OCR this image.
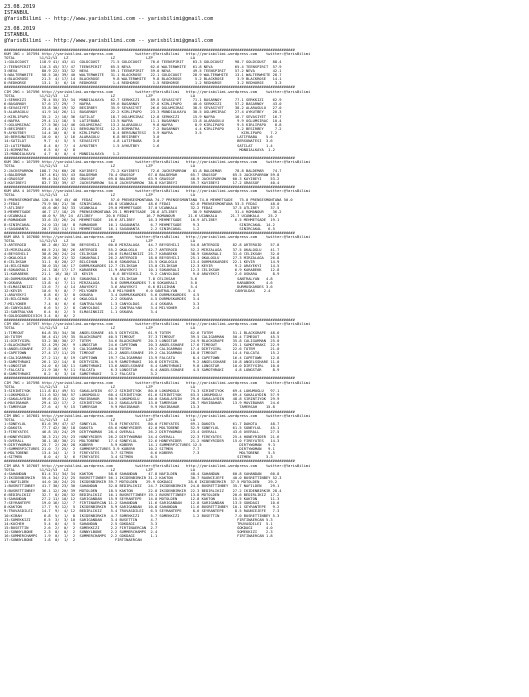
23.08.2019
ISTANBUL
@YarisBilimi -- http://www.yarisbilimi.com -- yarisbilimi@gmail.com
23.08.2019
ISTANBUL
@YarisBilimi -- http://www.yarisbilimi.com -- yarisbilimi@gmail.com
###################################################################################################################################
KUM 1NG = 167594 http://yarisbilimi.wordpress.com          twitter:@YarisBilimi   http://yarisbilimi.wordpress.com    twitter:@YarisBilimi
TOTAL           %1/%2/%3   LZ                   LZ              LZP                 LA
1:GOLDCOUST     118.9 41/ 43/ 41  GOLDCOUST     71.5 GOLDCOUST    70.6 TEENSPIRIT    63.3 GOLDCOUST     98.7 GOLDCOUST   88.4
2:TEENSPIRIT    110.3 45/ 37/ 47  TEENSPIRIT    65.5 NEVA         62.6 WALTERWHITE   61.8 NEVA          65.4 TEENSPIRIT  57.9
3:NEVA           80.9 22/ 33/ 32  NEVA          59.1 TEENSPIRIT   59.0 NEVA          49.5 TEENSPIRIT    57.2 NEVA        42.1
5:WALTERWHITE    58.5 10/ 39/ 40  WALTERWHITE   31.1 BLACKROSE    22.1 GOLDCOUST     28.9 WALTERWHITE   13.1 WALTERWHITE 28.7
4:BLACKROSE      21.3  4/ 17/ 14  BLACKROSE      9.8 WALTERWHITE   9.8 BLACKROSE      5.2 BLACKROSE      3.9 BLACKROSE   14.1
6:REDHORSE       13.1  3/  6/ 10  REDHORSE       1.4 REDHORSE      1.5 REDHORSE       1.2 REDHORSE       3.2 REDHORSE     3.3
###################################################################################################################################
CIM 2NG = 167596 http://yarisbilimi.wordpress.com          twitter:@YarisBilimi   http://yarisbilimi.wordpress.com    twitter:@YarisBilimi
TOTAL           %1/%2/%3   LZ                   LZ              LZP                 LA
1:SERKKIZI       78.4 55/ 33/ 34  MONDIALKAYA   62.7 SERKKIZI     89.5 SEVASIYET     71.1 BASARNOY      77.1 SERKKIZI    62.9
6:BASARNOY       57.6 17/ 29/  7  NAFRA         59.6 BASARNOY     37.8 KIRLIPAPO     40.6 SERKKIZI      57.2 BASARNOY    43.0
8:SEVASIYET      53.8 30/ 19/ 32  BESIRBEY      35.9 SEVASIYET    26.6 OGLUMSIRAC    38.5 SEVASIYET     38.2 ALARAGULU   27.0
5:ALARAGULU      41.9 14/ 26/ 11  BASARNOY      22.2 KIRLIPAPO    23.3 MONDIALKAYA   30.5 OGLUMSIRAC    27.4 AYKUTBEY    20.3
2:KIRLIPAPO      35.2  2/ 18/ 36  SATILAT       18.7 OGLUMSIRAC   12.8 SERKKIZI      15.9 NAFRA         16.7 SEVASIYET   16.7
4:NAFRA          29.4 11/ 18/  5  LATIFBABA     13.5 NAFRA        11.1 BASARNOY      13.8 ALARAGULU      9.9 OGLUMSIRAC  10.4
7:OGLUMSIRAC     27.5 36/ 14/ 46  OGLUMSIRAC    13.2 ALARAGULU     9.8 NAFRA          8.9 KIRLIPAPO      9.5 KIRLIPAPO    8.8
3:BESIRBEY       23.4  0/ 23/ 11  BERSUNATESI   12.3 BIRMATRA      7.2 BASARNOY       4.4 KIRLIPAPO      3.2 BESIRBEY     7.2
9:AYKUTBEY       14.4 10/  0/  0  KIRLIPAPO      8.4 BERSUNATESI   5.9 NAFRA          3.5                  KIRLIPAPO    7.2
10:BERSUNATESI   10.0  0/  1/ 16  ALARAGULU      6.8 BESIRBEY      3.0                                   LATIFBABA    5.6
14:SATILAT        9.7  4/  5/  5  SEVASIYET      4.8 LATIFBABA     3.0                                   BERSUNATESI  3.6
12:LATIFBABA      8.4  0/  7/  4  AYKUTBEY       1.5 AYKUTBEY      1.6                                   SATILAT      1.4
11:BIRMATRA       6.5  0/  4/  8                                                                          MONDIALKAYA  1.2
13:MONDIALKAYA    4.7  0/  0/  4  MONDIALKAYA    1.2
###################################################################################################################################
KUM 3NG = 167599 http://yarisbilimi.wordpress.com          twitter:@YarisBilimi   http://yarisbilimi.wordpress.com    twitter:@YarisBilimi
TOTAL           %1/%2/%3   LZ                   LZ              LZP                 LA
2:JACKSPARROW   108.7 74/ 60/ 28  KAYIBEYI      71.2 KAYIBEYI     72.6 JACKSPARROW   81.8 BALDEMAR      78.8 BALDEMAR    74.7
1:BALDEMAR      107.4 61/ 55/ 43  BALDEMAR     70.4 GRASSOF      67.8 BALDEMAR      65.7 GRASSOF       65.5 JACKSPARROW 59.8
4:GRASSOF        99.4 34/ 52/ 65  GRASSOF      69.8 BALDEMAR     63.9 GRASSOF       48.9 JACKSPARROW   60.3 KAYIBEYI    53.2
3:KAYIBEYI       83.7 33/ 39/ 47  JACKSPARROW  54.0 JACKSPARROW  38.8 KAYIBEYI      39.7 KAYIBEYI      17.2 GRASSOF     40.4
###################################################################################################################################
KUM ARA 4 167599 http://yarisbilimi.wordpress.com          twitter:@YarisBilimi   http://yarisbilimi.wordpress.com    twitter:@YarisBilimi
TOTAL           %1/%2/%3   LZ                   LZ              LZP                 LA
5:PRENSESMONTANA 120.4 56/ 45/ 46  FEDAI        57.0 PRENSESMONTANA 74.7 PRENSESMONTANA 74.0 MEHMETSADE   75.0 PRENSESMONTANA 50.0
2:FEDAI          75.9 50/ 21/ 30  SINIRCAKAL   46.8 UCANKALA     48.6 FEDAI         62.6 PRENSESMONTANA 53.5 FEDAI      48.0
7:ATLIBEY        45.6 46/ 34/ 33  UCANKALA     29.0 MEHMETSADE   37.0 UCANKALA      32.2 FEDAI         37.5 ATLIBEY     37.5
3:MEHMETSADE     46.7 17/ 18/ 25  PRENSESMONTANA 25.1 MEHMETSADE  28.6 ATLIBEY       30.9 ROMANOUR      31.4 ROMANOUR    36.2
4:UCANKALA       40.0 9/ 39/ 24  ATLIBEY      20.0 FEDAI        16.7 ROMANOUR      21.6 UCANKALA      21.7 UCANKALA    25.2
6:ROMANOUR       33.6 13/ 26/ 24  MEHMETSADE   16.6 ATLIBEY      16.3 MEHMETSADE    10.9 ATLIBEY        6.5 MEHMETSADE  19.1
8:SINIRCAKAL     24.0 13/ 10/  8  ROMANOUR     16.1 SAGANANTA     6.7 MEHMETSADE     9.3                  SINIRCAKAL  14.2
1:SAGANANTA      20.7 15/ 11/ 11  MEHMETSADE   16.1 SAGANANTA     2.2 SINIRCAKAL     1.2                  SINIRCAKAL   6.5
###################################################################################################################################
KUM ARA 5 167600 http://yarisbilimi.wordpress.com          twitter:@YarisBilimi   http://yarisbilimi.wordpress.com    twitter:@YarisBilimi
TOTAL           %1/%2/%3   LZ                   LZ              LZP                 LA
3:ARTEROID       86.2 46/ 32/ 30  BEYSEHILI    60.8 MIRZALAGA    44.7 BEYSEHILI     54.8 ARTEROID      82.8 ARTEROID    57.8
13:MIRZALAGA     60.5 21/ 38/ 26  ARTEROID     55.2 OKALOGLU     42.7 ARTEROID      52.2 MIRZALAGA     37.5 OKALOGLU    41.7
4:BEYSEHILI      38.8 20/ 24/ 24  CELIKSAH     26.6 ELMASINKIZI  25.7 KARABEKK      38.9 SOKAKRALI     31.6 CELIKSAH    32.0
2:OKALOGLU       28.6 26/ 21/ 32  SOKAKRALI    26.2 ARTEROID     18.0 BEYSEHILI     25.1 OKALOGLU      27.3 MIRZALAGA   26.8
6:CELIKSAH       31.1  8/ 20/ 27  BILGIHAN     16.6 SOKAKRALI    15.5 OKALOGLU      13.4 DURMUSKARDES  22.1 KEVIR       14.9
14:BILGIHAN      30.0 15/ 16/ 17  DURMUSKARDES 12.7 CELIKSAH     13.0 CELIKSAH      12.3 KEVIR          9.2 ARAYEKYI    14.5
8:SOKAKRALI      24.1 18/ 17/ 17  KARABEKK     11.9 ARAYEKYI     10.1 SOKAKRALI     12.3 CELIKSAH       6.9 KARABEKK    12.8
11:KARABEKK      21.1  16/ 10/ 13  KEVIR         6.6 BEYSEHILI    9.2 CANYOLDAS      9.0 ARAYEKYI       2.6 OSKARA       8.9
10:DURMUSKARDES  16.3  8/  6/ 15  SOKAKRALI     5.8 CELIKSAH     7.8 CELIKSAH       5.6                  SANTRALYAN   4.8
9:OSKARA         13.8  4/  7/ 11  MIRZALAGA     5.6 DURMUSKARDES 7.0 SOKAKRALI      5.0                  KARABEKK     4.6
5:ELMASINKIZI    13.6  7/  4/ 14  ARAYEKYI      3.6 ARAYEKYI     6.6 BILGIHAN       5.4                  DURMUSKARDES 3.6
12:KEVIR         10.6  9/  0/  7  MILYONER     3.6 MILYONER     6.0 SANTRALYAN     5.4                  CANYOLDAS    2.4
1:ARAYEKYI        8.8  6/  3/  8  OSKARA        3.4 DURMUSKARDES  5.6 DURMUSKARDES   4.5
15:BILGIHAN       7.5  0/  4/  4  OKALOGLU      2.2 OSKARA        4.5 DURMUSKARDES   3.4
7:MILYONER        7.4  0/  6/  6  SANTRALYAN    1.3 CANYOLDAS     4.4 OSKARA         3.3
16:CANYOLDAS      6.6  5/  2/  8  CANYOLDAS     1.2 SANTRALYAN    3.4 MILYONER       2.4
12:SANTRALYAN     6.4  0/  2/  5  ELMASINKIZI   1.1 OSKARA        3.4
9:GOLDGOOREDIVICH 3.4  0/  0/  2
###################################################################################################################################
CIM 6NG = 167597 http://yarisbilimi.wordpress.com          twitter:@YarisBilimi   http://yarisbilimi.wordpress.com    twitter:@YarisBilimi
TOTAL           %1/%2/%3   LZ                   LZ              LZP                 LA
1:TIMEOUT        64.8 35/ 34/ 30  ANGELSSHARE  45.5 DIRTYGIRL    61.9 TOTEM         62.6 TOTEM         51.1 BLACKGRAPE  48.6
10:TOTEM         56.4 41/ 19/ 35  BLACKGRAPE   40.5 TIMEOUT      37.3 TIMEOUT       39.5 CALIGARMAN    50.4 TIMEOUT     45.5
11:DIRTYGIRL     53.2 30/ 30/ 27  TOTEM        34.6 BLACKGRAPE   20.3 LONGSTAR      24.9 BLACKGRAPE    35.8 CALIGARMAN  25.0
2:BLACKGRAPE     52.4 29/ 26/  9  LONGSTAR     24.6 CAPETOWN     20.3 ANGELSSHARE   17.6 TIMEOUT       25.1 SAMOTHRAKI  22.9
5:ANGELSSHARE    27.5 16/ 19/  3  CALIGARMAN   24.0 TOTEM        19.2 CALIGARMAN    17.4 DIRTYGIRL     22.6 TOTEM       21.0
4:CAPETOWN       27.4 17/ 11/ 25  TIMEOUT      21.2 ANGELSSHARE  19.2 CALIGARMAN    18.0 TIMEOUT       14.4 FALCATA     15.2
6:CALIGARMAN     27.2 11/  8/ 19  CAPETOWN     19.7 CALIGARMAN   13.9 FALCATA        8.4 CAPETOWN      16.4 CAPETOWN    12.8
3:SAMOTHRAKI     26.1 12/ 14/  8  DIRTYGIRL    14.9 SAMOTHRAKI   10.8 DIRTYGIRL      9.2 ANGELSSHARE   10.8 ANGELSSHARE 11.0
9:LONGSTAR       24.0  6/ 18/ 11  SAMOTHRAKI   13.6 ANGELSSHARE   6.4 SAMOTHRAKI     9.8 LONGSTAR      10.0 DIRTYGIRL   10.0
7:FALCATA        21.9 10/  9/ 11  FALCATA       6.3 LONGSTAR      6.4 ANGELSSHARE    4.5 SAMOTHRAKI     4.8 LONGSTAR     8.9
8:SAMOTHRAKI      8.2  0/  3/ 10  SAMOTHRAKI    3.2 FALCATA       3.2
###################################################################################################################################
CIM 7NG = 167598 http://yarisbilimi.wordpress.com          twitter:@YarisBilimi   http://yarisbilimi.wordpress.com    twitter:@YarisBilimi
TOTAL           %1/%2/%3   LZ                   LZ              LZP                 LA
3:SIRINTIYOK    111.8 81/ 49/ 51  SAKALAYDIN   67.2 SIRINTIYOK   80.0 LOKUMOGLU     74.3 SIRINTIYOK    69.4 LOKUMOGLU   97.1
1:LOKUMOGLU     111.6 52/ 50/ 57  LOKUMOGLU    60.4 SIRINTIYOK   61.6 SIRINTIYOK    63.5 LOKUMOGLU     69.4 SAKALAYDIN  57.9
2:SAKALAYDIN     59.6 45/ 31/ 42  MAVIBAHAR    50.9 LOKUMOGLU    40.0 SAKALAYDIN    29.6 SAKALAYDIN    48.8 SIRINTIYOK  29.9
4:MAVIBAHAR      29.4 12/ 17/  2  SIRINTIYOK   14.2 SAKALAYDIN   13.0 TAMERSAH      28.7 MAVIBAHAR     13.9 MAVIBAHAR   24.6
5:TAMERSAH       27.6  4/  9/ 15  TAMERSAH      9.9 MAVIBAHAR     9.9 MAVIBAHAR     13.3                  TAMERSAH    15.8
###################################################################################################################################
CIM 8NG = 167601 http://yarisbilimi.wordpress.com          twitter:@YarisBilimi   http://yarisbilimi.wordpress.com    twitter:@YarisBilimi
TOTAL           %1/%2/%3   LZ                   LZ              LZP                 LA
1:SONEYLUL       81.6 39/ 47/ 47  SONEYLUL     75.0 FIREYATES    80.0 FIREYATES     69.1 DAKOTA        61.7 DAKOTA      48.7
2:DAKOTA         77.7 42/ 36/ 18  DAKOTA       65.6 HONEYRIDER   42.0 MOLTOBENE     52.9 SONEYLUL      61.5 SONEYLUL    45.1
3:FIREYATES      46.8 15/ 24/ 29  DIRTYWOMAN   28.4 OVERALL      26.2 DIRTYWOMAN    23.4 OVERALL       43.6 OVERALL     27.5
8:HONEYRIDER     38.3 21/ 25/ 23  HONEYRIDER   26.2 DIRTYWOMAN   24.4 OVERALL       22.3 FIREYATES     25.4 HONEYRIDER  21.6
5:OVERALL        38.1 18/ 30/ 21  MOLTOBENE    17.4 SONEYLUL     22.6 HONEYRIDER    21.2 HONEYRIDER    15.0 FIREYATES   14.3
9:DIRTYWOMAN     25.7  2/ 20/ 28  KOBERR        5.9 KOBERR       14.1 SUMMERPICTURES 12.5                 DIRTYWOMAN   9.3
7:SUMMERPICTURES 21.0  7/ 25/  2  SUMMERPICTURES 3.9 KOBERR      10.2 SITMEN         7.7                  DIRTYWOMAN   9.1
6:MOLTOBENE      13.4 14/  1/  3  FIREYATES     3.7 SITMEN        6.6 KOBERR         7.3                  MOLTOBENE    5.5
4:SITMEN          8.0  4/  3/  6  FIREYATES     3.4 SITMEN        6.5                                    SITMEN       3.3
###################################################################################################################################
CIM ARA 9 167607 http://yarisbilimi.wordpress.com          twitter:@YarisBilimi   http://yarisbilimi.wordpress.com    twitter:@YarisBilimi
TOTAL           %1/%2/%3   LZ                   LZ              LZP                 LA
4:SAHANDAN       81.4 31/ 34/ 34  KAKTON       58.6 SAHANDAN     47.8 NAFILDEN      48.4 SAHANDAN      60.8 SAHANDAN    60.8
2:IKIDENBIRKIR   55.4 34/ 21/ 25  BUSRETTINBEY 56.1 IKIDENBIRKIR 31.2 KAKTON        30.7 RAUNCEJEFE    40.0 BUSRETTINBEY 52.3
11:NAFILDEN      44.0 10/ 24/ 25  IKIDENBIRKIR 39.7 MOTOLDEN    29.9 GOKDAGI       28.6 IKIDENBIRKIR  37.5 MOTOLDEN    29.2
1:BUSRETTINBEY   41.7 30/ 23/ 30  SAHANDAN     32.0 BEDIRLIKIZ   24.7 IKIDENBIRKIR  24.8 BUSRETTINBEY  35.7 NAFILDEN    29.1
3:BUSRETTINBEY   36.1 12/ 20/ 39  MOTOLDEN     18.5 KAKTON       22.0 IKIDENBIRKIR  22.3 BEDIRLIKIZ    27.2 IKIDENBIRKIR 28.4
6:BEDIRLIKIZ     32.7  8/ 28/ 32  BEDIRLIKIZ   16.1 BUSRETTINBEY 19.1 BUSRETTINBEY  13.8 MOTOLDEN      20.6 BEDIRLIKIZ  17.2
5:SAHANDAN       27.2 11/ 10/ 12  SARIGANDAN   15.9 SEYRANTEPE   14.0 MOTOLDEN      12.8 KAKTON        15.5 KAKTON      11.3
7:SEYRANTEPE     19.0 16/ 12/  7  FIRTINAERCAN 11.2 SAHANDAN     11.6 SARIGANDAN    12.8 SARIGANDAN    13.5 GOKDAGI     10.6
8:KAKTON         17.7  9/ 12/  5  IKIDENBIRKIR  5.9 SARIGANDAN   10.8 SAHANDAN      11.6 BUSRETTINBEY  10.1 SEYRANTEPE   9.2
9:TRUVASDILEI    14.7  9/  4/ 12  BEDIRLIKIZ    5.4 TRUVASDILEI   6.5 SEYRANTEPE     8.6 SEYRANTEPE     8.5 RAUNCEJEFE   7.3
10:KIBAH          6.8  5/  1/  8  IKIDENBIRKIR  4.7 SOMEKKIZI     5.7 SOMEKKIZI      1.2 BUSETTIN       7.0 BUSRETTINBEY 5.3
13:SOMEKKIZI      6.5  3/  3/ 10  SARIGANDAN    3.4 BUSETTIN      4.7                                    FIRTINAERCAN 5.3
14:KUCHEH         5.4  0/  4/  5  SAHANDAN      2.5 GOKDAGI       3.3                                    TRUVASDILEI  5.1
15:BUSETTIN       2.6  2/  0/  2  SOMEKKIZI     2.2 FIRTINAERCAN  2.7                                    GOKDAGI      4.0
12:SUNNYLBONE     2.3  0/  0/  2  SUNNYLBONE    2.2 SUMMERCHAMPS  2.4                                    SOMEKKIZI    2.3
16:SUMMERCHAMPS   1.9  0/  1/  2  SUMMERCHAMPS  2.2 GOKDAGI       1.1                                    FIRTINAERCAN 1.8
17:SUNNYLBONE     1.8  0/  1/  2                  FIRTINAERCAN
